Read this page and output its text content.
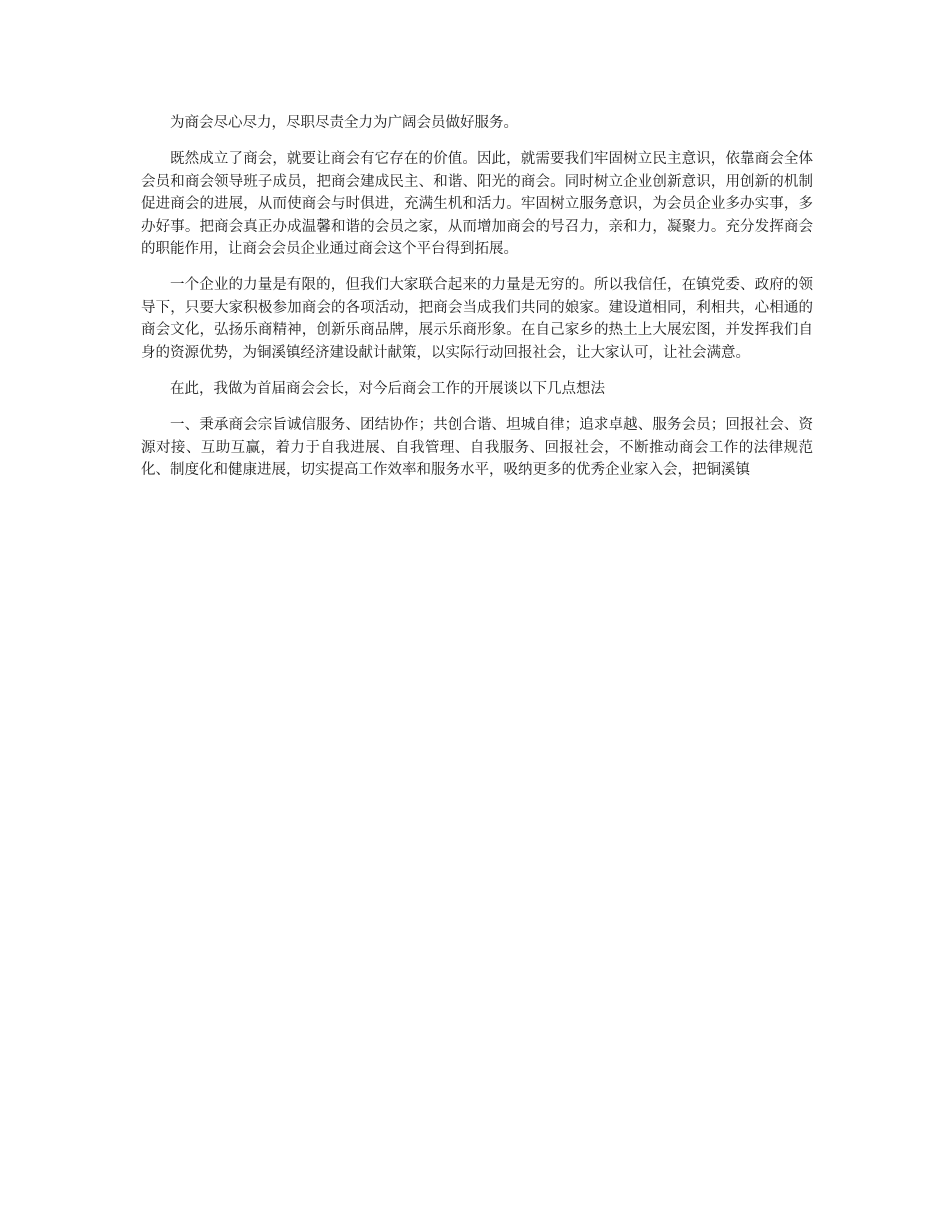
为商会尽心尽力，尽职尽责全力为广阔会员做好服务。

既然成立了商会，就要让商会有它存在的价值。因此，就需要我们牢固树立民主意识，依靠商会全体会员和商会领导班子成员，把商会建成民主、和谐、阳光的商会。同时树立企业创新意识，用创新的机制促进商会的进展，从而使商会与时俱进，充满生机和活力。牢固树立服务意识，为会员企业多办实事，多办好事。把商会真正办成温馨和谐的会员之家，从而增加商会的号召力，亲和力，凝聚力。充分发挥商会的职能作用，让商会会员企业通过商会这个平台得到拓展。

一个企业的力量是有限的，但我们大家联合起来的力量是无穷的。所以我信任，在镇党委、政府的领导下，只要大家积极参加商会的各项活动，把商会当成我们共同的娘家。建设道相同，利相共，心相通的商会文化，弘扬乐商精神，创新乐商品牌，展示乐商形象。在自己家乡的热土上大展宏图，并发挥我们自身的资源优势，为铜溪镇经济建设献计献策，以实际行动回报社会，让大家认可，让社会满意。

在此，我做为首届商会会长，对今后商会工作的开展谈以下几点想法

一、秉承商会宗旨诚信服务、团结协作；共创合谐、坦城自律；追求卓越、服务会员；回报社会、资源对接、互助互赢，着力于自我进展、自我管理、自我服务、回报社会，不断推动商会工作的法律规范化、制度化和健康进展，切实提高工作效率和服务水平，吸纳更多的优秀企业家入会，把铜溪镇
